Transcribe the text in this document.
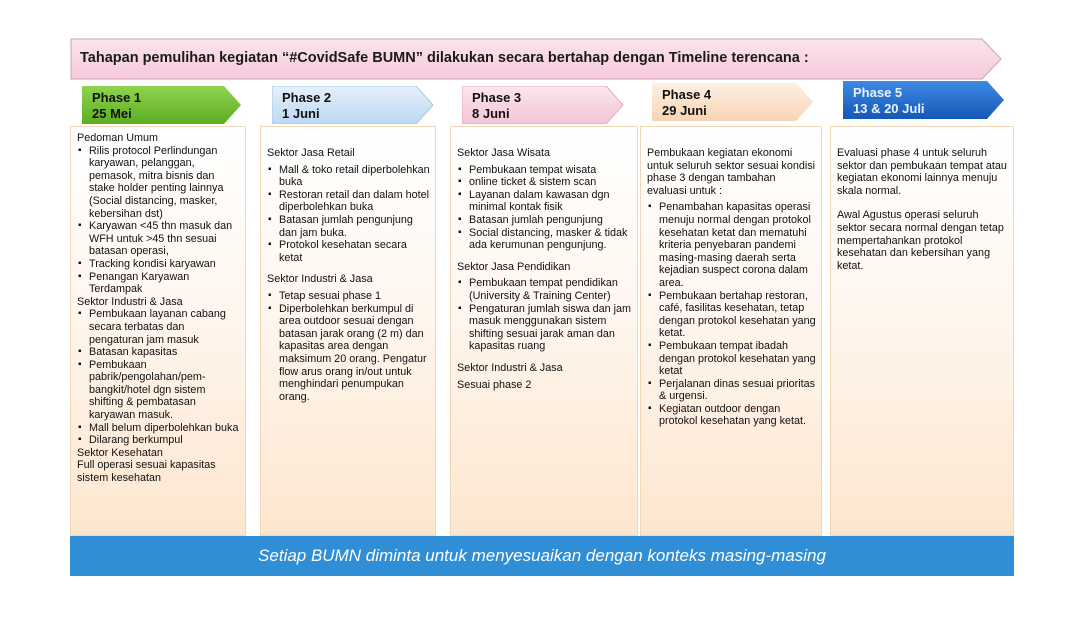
Tahapan pemulihan kegiatan “#CovidSafe BUMN” dilakukan secara bertahap dengan Timeline terencana :
Phase 1
25 Mei
Phase 2
1 Juni
Phase 3
8 Juni
Phase 4
29 Juni
Phase 5
13 & 20 Juli
Pedoman Umum
▪ Rilis protocol Perlindungan karyawan, pelanggan, pemasok, mitra bisnis dan stake holder penting lainnya (Social distancing, masker, kebersihan dst)
▪ Karyawan <45 thn masuk dan WFH untuk >45 thn sesuai batasan operasi,
▪ Tracking kondisi karyawan
▪ Penangan Karyawan Terdampak
Sektor Industri & Jasa
▪ Pembukaan layanan cabang secara terbatas dan pengaturan jam masuk
▪ Batasan kapasitas
▪ Pembukaan pabrik/pengolahan/pem-bangkit/hotel dgn sistem shifting & pembatasan karyawan masuk.
▪ Mall belum diperbolehkan buka
▪ Dilarang berkumpul
Sektor Kesehatan
Full operasi sesuai kapasitas sistem kesehatan
Sektor Jasa Retail
▪ Mall & toko retail diperbolehkan buka
▪ Restoran retail dan dalam hotel diperbolehkan buka
▪ Batasan jumlah pengunjung dan jam buka.
▪ Protokol kesehatan secara ketat
Sektor Industri & Jasa
▪ Tetap sesuai phase 1
▪ Diperbolehkan berkumpul di area outdoor sesuai dengan batasan jarak orang (2 m) dan kapasitas area dengan maksimum 20 orang. Pengatur flow arus orang in/out untuk menghindari penumpukan orang.
Sektor Jasa Wisata
▪ Pembukaan tempat wisata
▪ online ticket & sistem scan
▪ Layanan dalam kawasan dgn minimal kontak fisik
▪ Batasan jumlah pengunjung
▪ Social distancing, masker & tidak ada kerumunan pengunjung.
Sektor Jasa Pendidikan
▪ Pembukaan tempat pendidikan (University & Training Center)
▪ Pengaturan jumlah siswa dan jam masuk menggunakan sistem shifting sesuai jarak aman dan kapasitas ruang
Sektor Industri & Jasa
Sesuai phase 2
Pembukaan kegiatan ekonomi untuk seluruh sektor sesuai kondisi phase 3 dengan tambahan evaluasi untuk :
▪ Penambahan kapasitas operasi menuju normal dengan protokol kesehatan ketat dan mematuhi kriteria penyebaran pandemi masing-masing daerah serta kejadian suspect corona dalam area.
▪ Pembukaan bertahap restoran, café, fasilitas kesehatan, tetap dengan protokol kesehatan yang ketat.
▪ Pembukaan tempat ibadah dengan protokol kesehatan yang ketat
▪ Perjalanan dinas sesuai prioritas & urgensi.
▪ Kegiatan outdoor dengan protokol kesehatan yang ketat.
Evaluasi phase 4 untuk seluruh sektor dan pembukaan tempat atau kegiatan ekonomi lainnya menuju skala normal.
Awal Agustus operasi seluruh sektor secara normal dengan tetap mempertahankan protokol kesehatan dan kebersihan yang ketat.
Setiap BUMN diminta untuk menyesuaikan dengan konteks masing-masing
